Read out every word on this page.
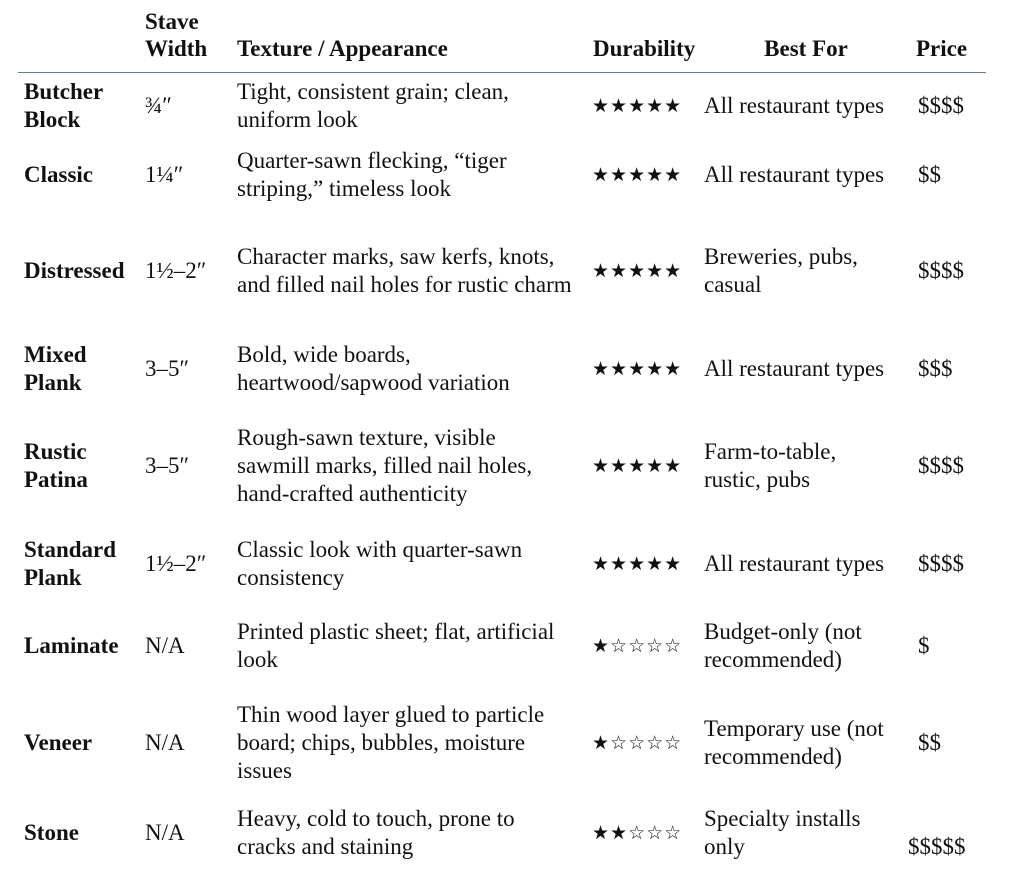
	Stave Width	Texture / Appearance	Durability	Best For	Price
Butcher Block	¾″	Tight, consistent grain; clean, uniform look	★★★★★	All restaurant types	$$$$
Classic	1¼″	Quarter-sawn flecking, “tiger striping,” timeless look	★★★★★	All restaurant types	$$
Distressed	1½–2″	Character marks, saw kerfs, knots, and filled nail holes for rustic charm	★★★★★	Breweries, pubs, casual	$$$$

Mixed Plank	3–5″	Bold, wide boards, heartwood/sapwood variation	★★★★★	All restaurant types	$$$

Rustic Patina	3–5″	Rough-sawn texture, visible sawmill marks, filled nail holes, hand-crafted authenticity	★★★★★	Farm-to-table, rustic, pubs	$$$$

Standard Plank	1½–2″	Classic look with quarter-sawn consistency	★★★★★	All restaurant types	$$$$
Laminate	N/A	Printed plastic sheet; flat, artificial look	★☆☆☆☆	Budget-only (not recommended)	$
Veneer	N/A	Thin wood layer glued to particle board; chips, bubbles, moisture issues	★☆☆☆☆	Temporary use (not recommended)	$$
Stone	N/A	Heavy, cold to touch, prone to cracks and staining	★★☆☆☆	Specialty installs only	$$$$$
